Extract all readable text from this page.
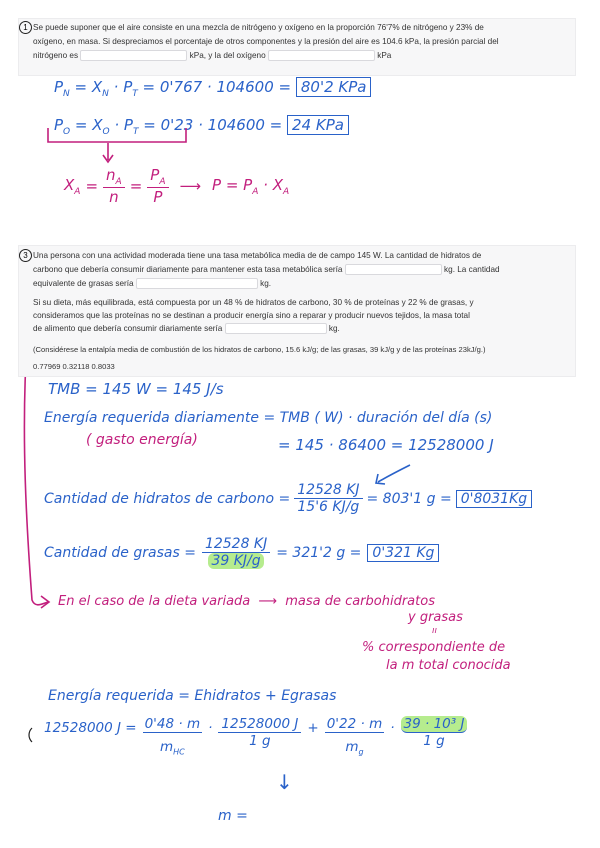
1 Se puede suponer que el aire consiste en una mezcla de nitrógeno y oxígeno en la proporción 76'7% de nitrógeno y 23% de
oxígeno, en masa. Si despreciamos el porcentaje de otros componentes y la presión del aire es 104.6 kPa, la presión parcial del
nitrógeno es	kPa, y la del oxígeno	kPa
$P_N = X_N \cdot P_T = 0'767 \cdot 104600 = 80'2$ KPa
$P_O = X_O \cdot P_T = 0'23 \cdot 104600 = 24$ KPa
$X_A = \frac{n_A}{n} = \frac{P_A}{P}$ ⟶ $P = P_A \cdot X_A$
3 Una persona con una actividad moderada tiene una tasa metabólica media de de campo 145 W. La cantidad de hidratos de
carbono que debería consumir diariamente para mantener esta tasa metabólica sería	kg. La cantidad
equivalente de grasas sería	kg.
Si su dieta, más equilibrada, está compuesta por un 48 % de hidratos de carbono, 30 % de proteínas y 22 % de grasas, y
consideramos que las proteínas no se destinan a producir energía sino a reparar y producir nuevos tejidos, la masa total
de alimento que debería consumir diariamente sería	kg.
(Considérese la entalpía media de combustión de los hidratos de carbono, 15.6 kJ/g; de las grasas, 39 kJ/g y de las proteínas 23kJ/g.)
0.77969 0.32118 0.8033
TMB = 145 W = 145 J/s
Energía requerida diariamente = TMB ( W) · duración del día (s)
( gasto energía)	= 145 · 86400 = 12528000 J
Cantidad de hidratos de carbono = $\frac{12528 KJ}{15'6 KJ/g} = 803'1$ g = 0'8031Kg
Cantidad de grasas = $\frac{12528 KJ}{39 KJ/g} = 321'2$ g = 0'321 Kg
En el caso de la dieta variada ⟶ masa de carbohidratos
y grasas
ıı
% correspondiente de
la m total conocida
Energía requerida = Ehidratos + Egrasas
12528000 J = 0'48 · m
$m_{HC}$
· $\frac{12528000 J}{1 g} + \frac{0'22 \cdot m}{m_g} \cdot \frac{\text{39 · 10³ J}}{1 g}$
↓
m =
